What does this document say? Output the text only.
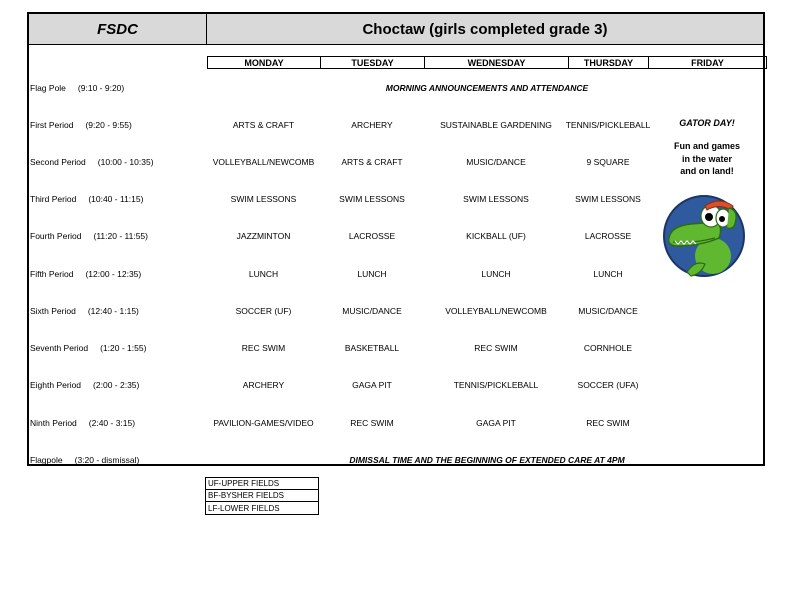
FSDC	Choctaw (girls completed grade 3)
MONDAY	TUESDAY	WEDNESDAY	THURSDAY	FRIDAY
Flag Pole (9:10 - 9:20)	MORNING ANNOUNCEMENTS AND ATTENDANCE
First Period (9:20 - 9:55)	ARTS & CRAFT	ARCHERY	SUSTAINABLE GARDENING	TENNIS/PICKLEBALL
Second Period (10:00 - 10:35)	VOLLEYBALL/NEWCOMB	ARTS & CRAFT	MUSIC/DANCE	9 SQUARE
Third Period (10:40 - 11:15)	SWIM LESSONS	SWIM LESSONS	SWIM LESSONS	SWIM LESSONS
Fourth Period (11:20 - 11:55)	JAZZMINTON	LACROSSE	KICKBALL (UF)	LACROSSE
Fifth Period (12:00 - 12:35)	LUNCH	LUNCH	LUNCH	LUNCH
Sixth Period (12:40 - 1:15)	SOCCER (UF)	MUSIC/DANCE	VOLLEYBALL/NEWCOMB	MUSIC/DANCE
Seventh Period (1:20 - 1:55)	REC SWIM	BASKETBALL	REC SWIM	CORNHOLE
Eighth Period (2:00 - 2:35)	ARCHERY	GAGA PIT	TENNIS/PICKLEBALL	SOCCER (UFA)
Ninth Period (2:40 - 3:15)	PAVILION-GAMES/VIDEO	REC SWIM	GAGA PIT	REC SWIM
Flagpole (3:20 - dismissal)	DIMISSAL TIME AND THE BEGINNING OF EXTENDED CARE AT 4PM
GATOR DAY!
Fun and games
in the water
and on land!
UF-UPPER FIELDS
BF-BYSHER FIELDS
LF-LOWER FIELDS
